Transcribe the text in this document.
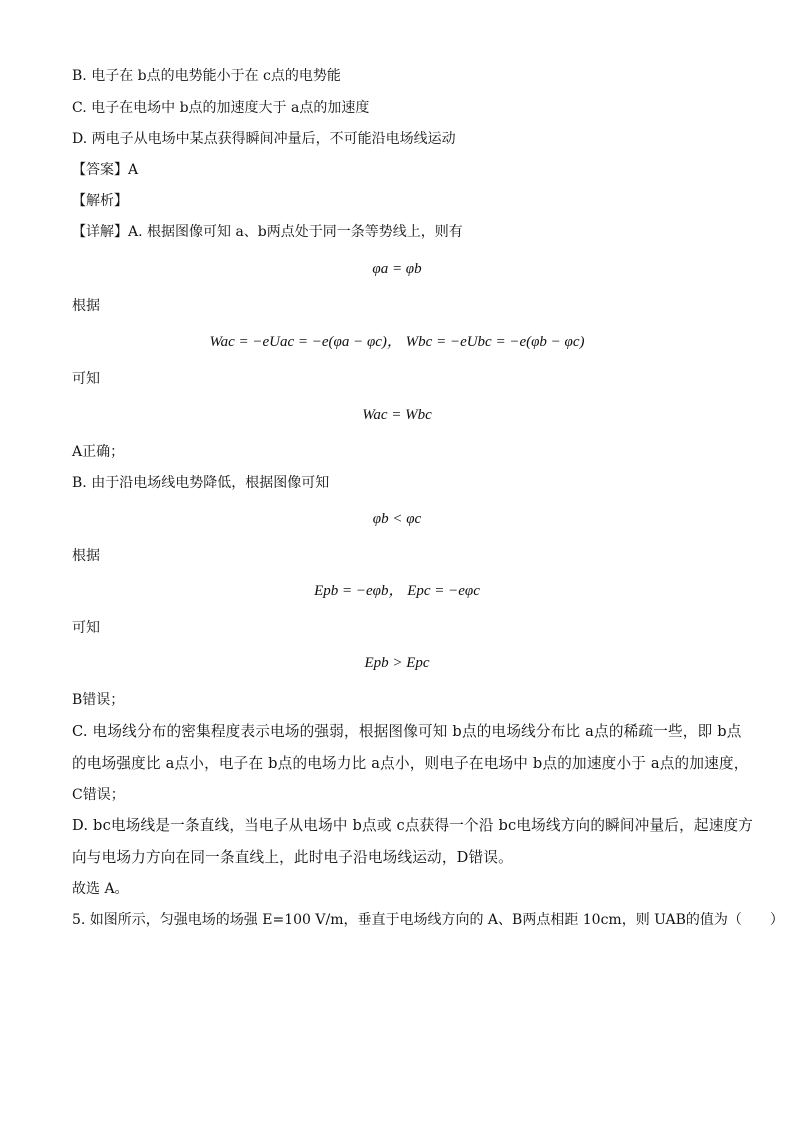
B. 电子在 b点的电势能小于在 c点的电势能
C. 电子在电场中 b点的加速度大于 a点的加速度
D. 两电子从电场中某点获得瞬间冲量后，不可能沿电场线运动
【答案】A
【解析】
【详解】A. 根据图像可知 a、b两点处于同一条等势线上，则有
φa = φb
根据
Wac = −eUac = −e(φa − φc)， Wbc = −eUbc = −e(φb − φc)
可知
Wac = Wbc
A正确；
B. 由于沿电场线电势降低，根据图像可知
φb < φc
根据
Epb = −eφb， Epc = −eφc
可知
Epb > Epc
B错误；
C. 电场线分布的密集程度表示电场的强弱，根据图像可知 b点的电场线分布比 a点的稀疏一些，即 b点
的电场强度比 a点小，电子在 b点的电场力比 a点小，则电子在电场中 b点的加速度小于 a点的加速度，
C错误；
D. bc电场线是一条直线，当电子从电场中 b点或 c点获得一个沿 bc电场线方向的瞬间冲量后，起速度方
向与电场力方向在同一条直线上，此时电子沿电场线运动，D错误。
故选 A。
5. 如图所示，匀强电场的场强 E=100 V/m，垂直于电场线方向的 A、B两点相距 10cm，则 UAB的值为（　　）
